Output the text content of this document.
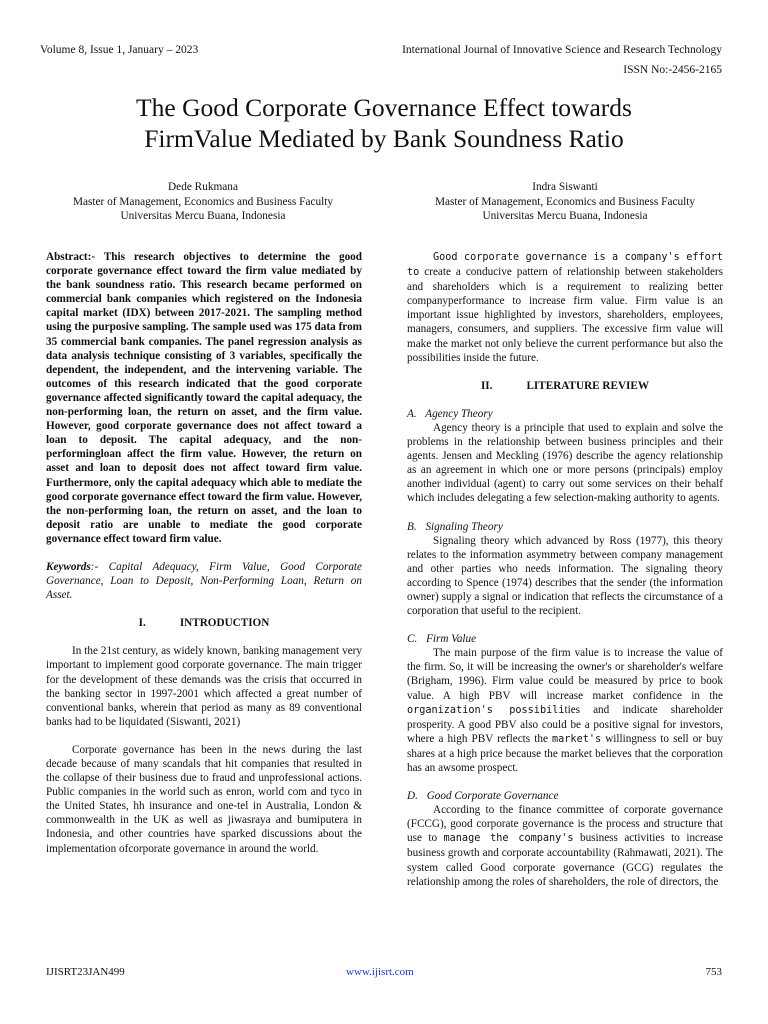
Volume 8, Issue 1, January – 2023	International Journal of Innovative Science and Research Technology
ISSN No:-2456-2165
The Good Corporate Governance Effect towards
FirmValue Mediated by Bank Soundness Ratio
Dede Rukmana
Master of Management, Economics and Business Faculty
Universitas Mercu Buana, Indonesia
Indra Siswanti
Master of Management, Economics and Business Faculty
Universitas Mercu Buana, Indonesia

Abstract:- This research objectives to determine the good corporate governance effect toward the firm value mediated by the bank soundness ratio. This research became performed on commercial bank companies which registered on the Indonesia capital market (IDX) between 2017-2021. The sampling method using the purposive sampling. The sample used was 175 data from 35 commercial bank companies. The panel regression analysis as data analysis technique consisting of 3 variables, specifically the dependent, the independent, and the intervening variable. The outcomes of this research indicated that the good corporate governance affected significantly toward the capital adequacy, the non-performing loan, the return on asset, and the firm value. However, good corporate governance does not affect toward a loan to deposit. The capital adequacy, and the non-performingloan affect the firm value. However, the return on asset and loan to deposit does not affect toward firm value. Furthermore, only the capital adequacy which able to mediate the good corporate governance effect toward the firm value. However, the non-performing loan, the return on asset, and the loan to deposit ratio are unable to mediate the good corporate governance effect toward firm value.

Keywords:- Capital Adequacy, Firm Value, Good Corporate Governance, Loan to Deposit, Non-Performing Loan, Return on Asset.

I.	INTRODUCTION

In the 21st century, as widely known, banking management very important to implement good corporate governance. The main trigger for the development of these demands was the crisis that occurred in the banking sector in 1997-2001 which affected a great number of conventional banks, wherein that period as many as 89 conventional banks had to be liquidated (Siswanti, 2021)

Corporate governance has been in the news during the last decade because of many scandals that hit companies that resulted in the collapse of their business due to fraud and unprofessional actions. Public companies in the world such as enron, world com and tyco in the United States, hh insurance and one-tel in Australia, London & commonwealth in the UK as well as jiwasraya and bumiputera in Indonesia, and other countries have sparked discussions about the implementation ofcorporate governance in around the world.

Good corporate governance is a company's effort to create a conducive pattern of relationship between stakeholders and shareholders which is a requirement to realizing better companyperformance to increase firm value. Firm value is an important issue highlighted by investors, shareholders, employees, managers, consumers, and suppliers. The excessive firm value will make the market not only believe the current performance but also the possibilities inside the future.

II.	LITERATURE REVIEW

A. Agency Theory

Agency theory is a principle that used to explain and solve the problems in the relationship between business principles and their agents. Jensen and Meckling (1976) describe the agency relationship as an agreement in which one or more persons (principals) employ another individual (agent) to carry out some services on their behalf which includes delegating a few selection-making authority to agents.

B. Signaling Theory

Signaling theory which advanced by Ross (1977), this theory relates to the information asymmetry between company management and other parties who needs information. The signaling theory according to Spence (1974) describes that the sender (the information owner) supply a signal or indication that reflects the circumstance of a corporation that useful to the recipient.

C. Firm Value

The main purpose of the firm value is to increase the value of the firm. So, it will be increasing the owner's or shareholder's welfare (Brigham, 1996). Firm value could be measured by price to book value. A high PBV will increase market confidence in the organization's possibilities and indicate shareholder prosperity. A good PBV also could be a positive signal for investors, where a high PBV reflects the market's willingness to sell or buy shares at a high price because the market believes that the corporation has an awsome prospect.

D. Good Corporate Governance

According to the finance committee of corporate governance (FCCG), good corporate governance is the process and structure that use to manage the company's business activities to increase business growth and corporate accountability (Rahmawati, 2021). The system called Good corporate governance (GCG) regulates the relationship among the roles of shareholders, the role of directors, the

IJISRT23JAN499	www.ijisrt.com	753
